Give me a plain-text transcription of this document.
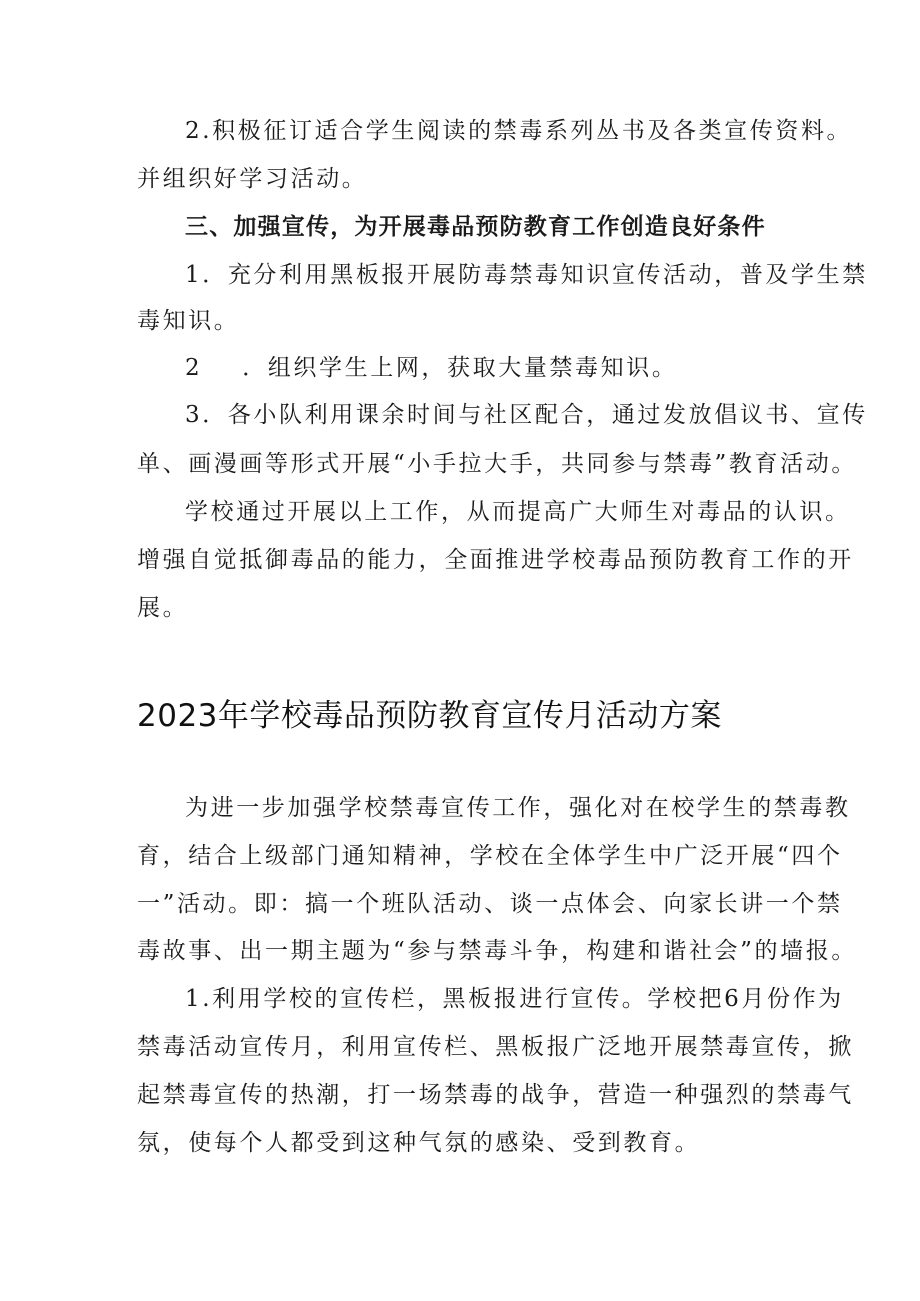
2.积极征订适合学生阅读的禁毒系列丛书及各类宣传资料。
并组织好学习活动。
三、加强宣传，为开展毒品预防教育工作创造良好条件
1．充分利用黑板报开展防毒禁毒知识宣传活动，普及学生禁
毒知识。
2 ．组织学生上网，获取大量禁毒知识。
3．各小队利用课余时间与社区配合，通过发放倡议书、宣传
单、画漫画等形式开展“小手拉大手，共同参与禁毒”教育活动。
学校通过开展以上工作，从而提高广大师生对毒品的认识。
增强自觉抵御毒品的能力，全面推进学校毒品预防教育工作的开
展。
2023年学校毒品预防教育宣传月活动方案
为进一步加强学校禁毒宣传工作，强化对在校学生的禁毒教
育，结合上级部门通知精神，学校在全体学生中广泛开展“四个
一”活动。即：搞一个班队活动、谈一点体会、向家长讲一个禁
毒故事、出一期主题为“参与禁毒斗争，构建和谐社会”的墙报。
1.利用学校的宣传栏，黑板报进行宣传。学校把6月份作为
禁毒活动宣传月，利用宣传栏、黑板报广泛地开展禁毒宣传，掀
起禁毒宣传的热潮，打一场禁毒的战争，营造一种强烈的禁毒气
氛，使每个人都受到这种气氛的感染、受到教育。
